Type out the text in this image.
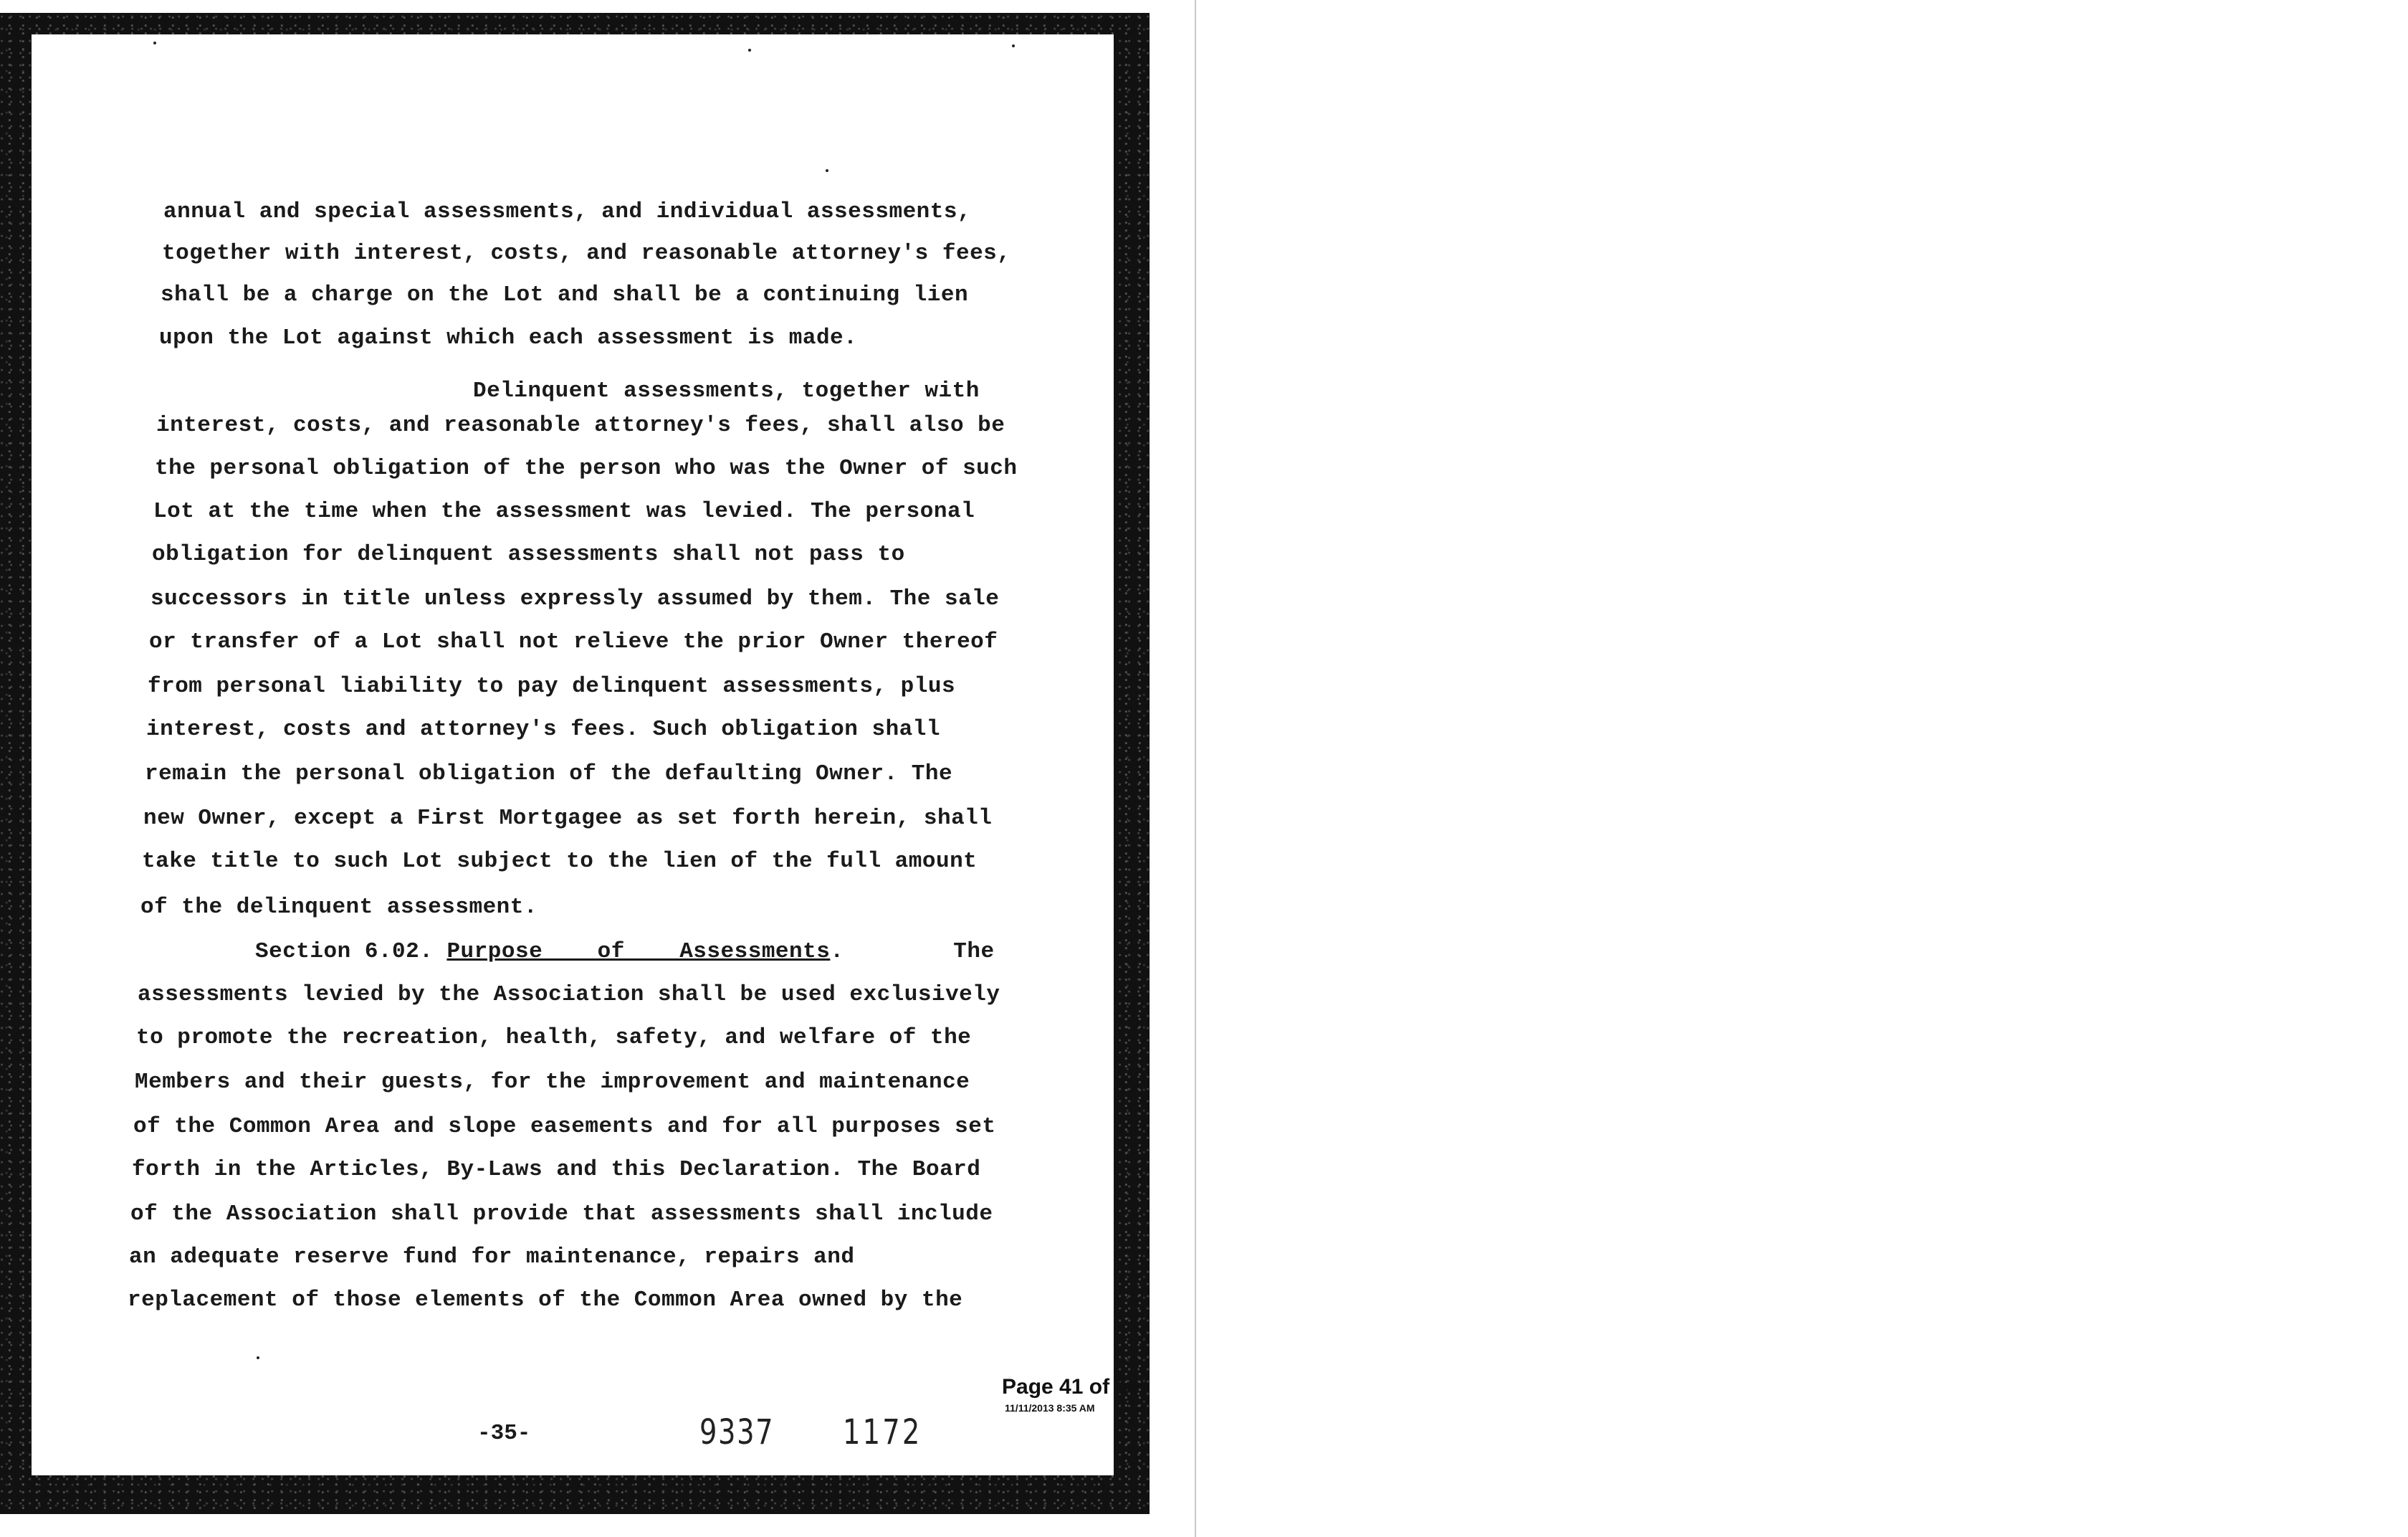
annual and special assessments, and individual assessments,
together with interest, costs, and reasonable attorney's fees,
shall be a charge on the Lot and shall be a continuing lien
upon the Lot against which each assessment is made.
Delinquent assessments, together with
interest, costs, and reasonable attorney's fees, shall also be
the personal obligation of the person who was the Owner of such
Lot at the time when the assessment was levied. The personal
obligation for delinquent assessments shall not pass to
successors in title unless expressly assumed by them. The sale
or transfer of a Lot shall not relieve the prior Owner thereof
from personal liability to pay delinquent assessments, plus
interest, costs and attorney's fees. Such obligation shall
remain the personal obligation of the defaulting Owner. The
new Owner, except a First Mortgagee as set forth herein, shall
take title to such Lot subject to the lien of the full amount
of the delinquent assessment.
Section 6.02. Purpose    of    Assessments.        The
assessments levied by the Association shall be used exclusively
to promote the recreation, health, safety, and welfare of the
Members and their guests, for the improvement and maintenance
of the Common Area and slope easements and for all purposes set
forth in the Articles, By-Laws and this Declaration. The Board
of the Association shall provide that assessments shall include
an adequate reserve fund for maintenance, repairs and
replacement of those elements of the Common Area owned by the
Page 41 of 50
11/11/2013 8:35 AM
-35-	9337 1172
